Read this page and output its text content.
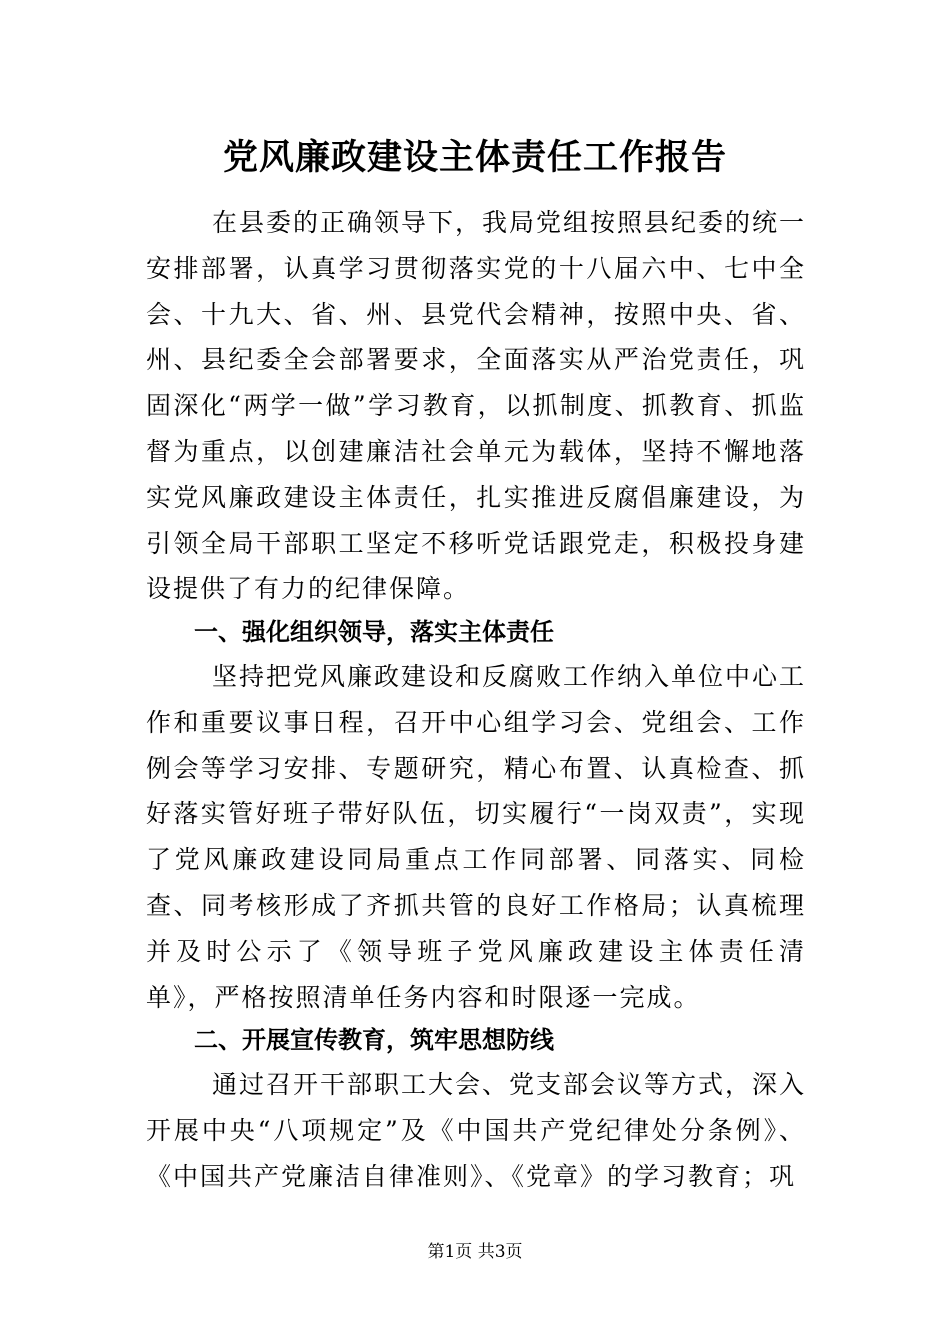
党风廉政建设主体责任工作报告

在县委的正确领导下，我局党组按照县纪委的统一安排部署，认真学习贯彻落实党的十八届六中、七中全会、十九大、省、州、县党代会精神，按照中央、省、州、县纪委全会部署要求，全面落实从严治党责任，巩固深化“两学一做”学习教育，以抓制度、抓教育、抓监督为重点，以创建廉洁社会单元为载体，坚持不懈地落实党风廉政建设主体责任，扎实推进反腐倡廉建设，为引领全局干部职工坚定不移听党话跟党走，积极投身建设提供了有力的纪律保障。

一、强化组织领导，落实主体责任

坚持把党风廉政建设和反腐败工作纳入单位中心工作和重要议事日程，召开中心组学习会、党组会、工作例会等学习安排、专题研究，精心布置、认真检查、抓好落实管好班子带好队伍，切实履行“一岗双责”，实现了党风廉政建设同局重点工作同部署、同落实、同检查、同考核形成了齐抓共管的良好工作格局；认真梳理并及时公示了《领导班子党风廉政建设主体责任清单》，严格按照清单任务内容和时限逐一完成。

二、开展宣传教育，筑牢思想防线

通过召开干部职工大会、党支部会议等方式，深入开展中央“八项规定”及《中国共产党纪律处分条例》、《中国共产党廉洁自律准则》、《党章》的学习教育；巩

第1页 共3页
